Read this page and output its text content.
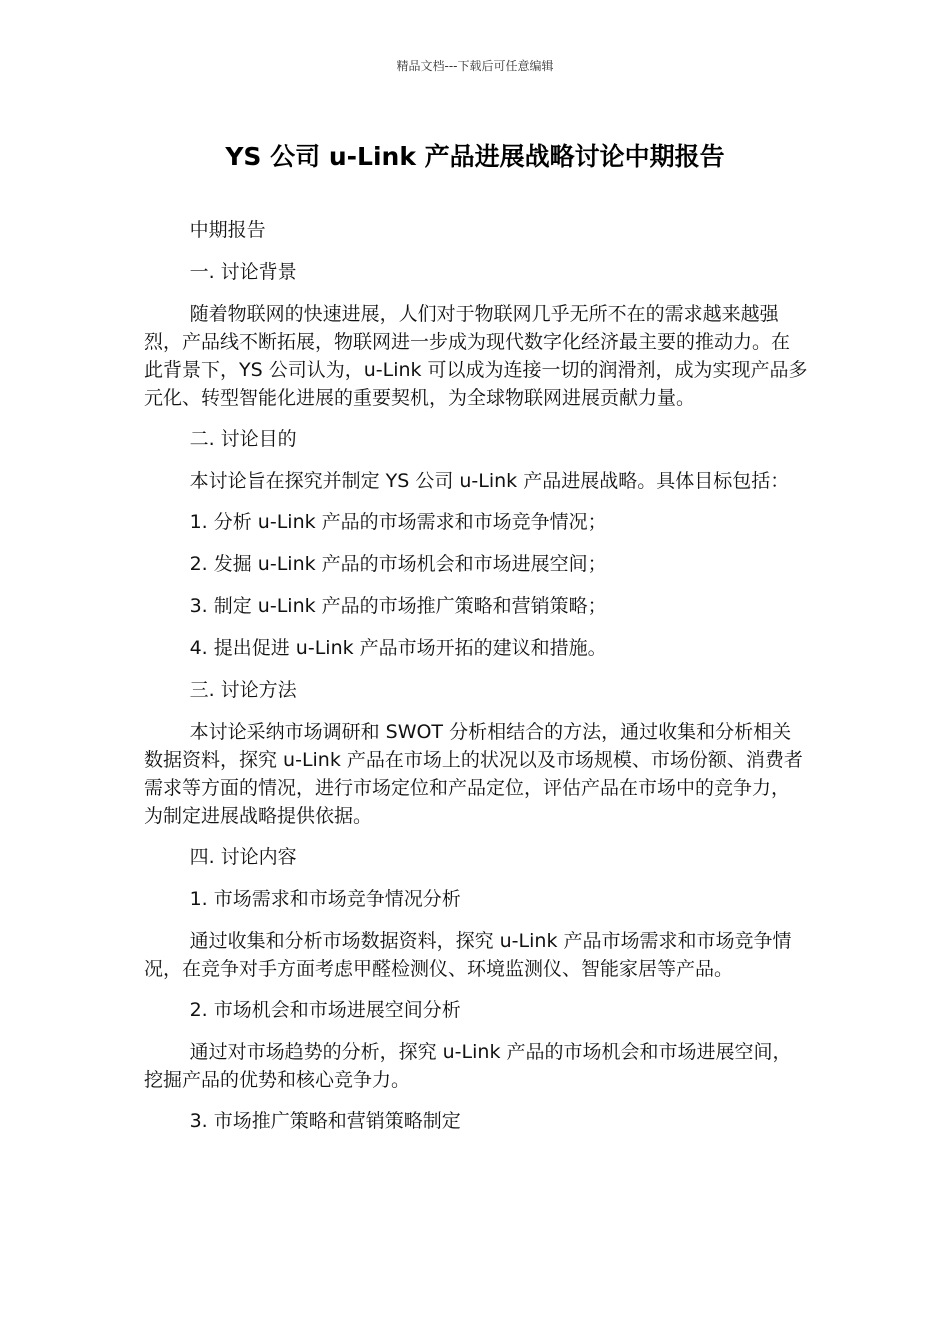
精品文档---下载后可任意编辑
YS 公司 u-Link 产品进展战略讨论中期报告

中期报告

一. 讨论背景

随着物联网的快速进展，人们对于物联网几乎无所不在的需求越来越强烈，产品线不断拓展，物联网进一步成为现代数字化经济最主要的推动力。在此背景下，YS 公司认为，u-Link 可以成为连接一切的润滑剂，成为实现产品多元化、转型智能化进展的重要契机，为全球物联网进展贡献力量。

二. 讨论目的

本讨论旨在探究并制定 YS 公司 u-Link 产品进展战略。具体目标包括：

1. 分析 u-Link 产品的市场需求和市场竞争情况；

2. 发掘 u-Link 产品的市场机会和市场进展空间；

3. 制定 u-Link 产品的市场推广策略和营销策略；

4. 提出促进 u-Link 产品市场开拓的建议和措施。

三. 讨论方法

本讨论采纳市场调研和 SWOT 分析相结合的方法，通过收集和分析相关数据资料，探究 u-Link 产品在市场上的状况以及市场规模、市场份额、消费者需求等方面的情况，进行市场定位和产品定位，评估产品在市场中的竞争力，为制定进展战略提供依据。

四. 讨论内容

1. 市场需求和市场竞争情况分析

通过收集和分析市场数据资料，探究 u-Link 产品市场需求和市场竞争情况，在竞争对手方面考虑甲醛检测仪、环境监测仪、智能家居等产品。

2. 市场机会和市场进展空间分析

通过对市场趋势的分析，探究 u-Link 产品的市场机会和市场进展空间，挖掘产品的优势和核心竞争力。

3. 市场推广策略和营销策略制定
